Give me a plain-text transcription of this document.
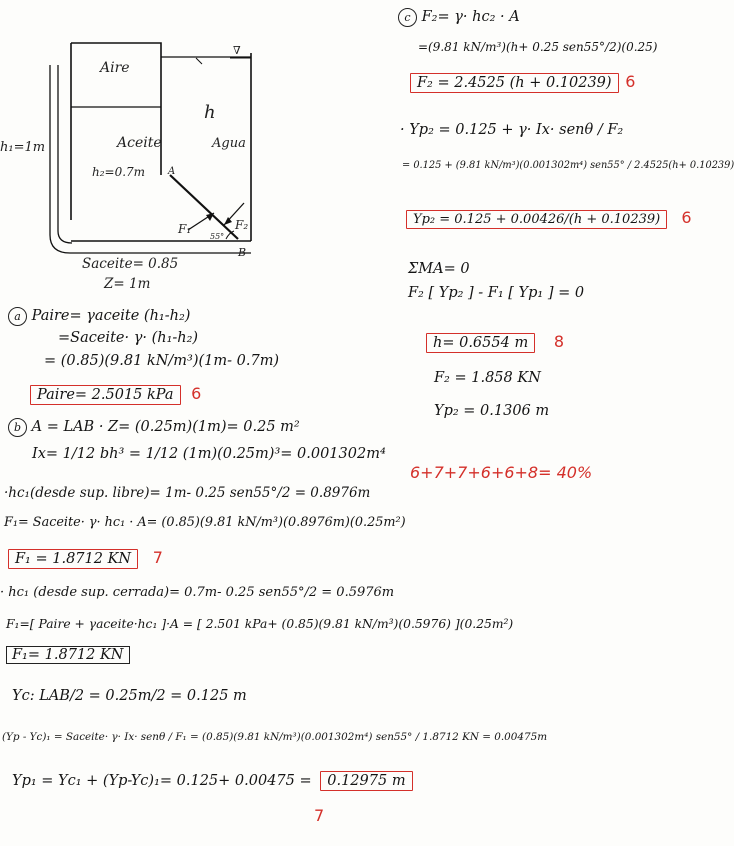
Aire
Aceite	Agua
h
h₁=1m
h₂=0.7m A
B
F₁	F₂
55°
∇
Saceite= 0.85
Z= 1m
a Paire= γaceite (h₁-h₂)
=Saceite· γ· (h₁-h₂)
= (0.85)(9.81 kN/m³)(1m- 0.7m)
Paire= 2.5015 kPa 6
b A = LAB · Z= (0.25m)(1m)= 0.25 m²
Ix= 1/12 bh³ = 1/12 (1m)(0.25m)³= 0.001302m⁴
·hc₁(desde sup. libre)= 1m- 0.25 sen55°/2 = 0.8976m
F₁= Saceite· γ· hc₁ · A= (0.85)(9.81 kN/m³)(0.8976m)(0.25m²)
F₁ = 1.8712 KN 7
· hc₁ (desde sup. cerrada)= 0.7m- 0.25 sen55°/2 = 0.5976m
F₁=[ Paire + γaceite·hc₁ ]·A = [ 2.501 kPa+ (0.85)(9.81 kN/m³)(0.5976) ](0.25m²)
F₁= 1.8712 KN
Yc: LAB/2 = 0.25m/2 = 0.125 m
(Yp - Yc)₁ = Saceite· γ· Ix· senθ / F₁ = (0.85)(9.81 kN/m³)(0.001302m⁴) sen55° / 1.8712 KN = 0.00475m
Yp₁ = Yc₁ + (Yp-Yc)₁= 0.125+ 0.00475 = 0.12975 m
7
c F₂= γ· hc₂ · A
=(9.81 kN/m³)(h+ 0.25 sen55°/2)(0.25)
F₂ = 2.4525 (h + 0.10239) 6
· Yp₂ = 0.125 + γ· Ix· senθ / F₂
= 0.125 + (9.81 kN/m³)(0.001302m⁴) sen55° / 2.4525(h+ 0.10239)
Yp₂ = 0.125 + 0.00426/(h + 0.10239) 6
ΣMA= 0
F₂ [ Yp₂ ] - F₁ [ Yp₁ ] = 0
h= 0.6554 m 8
F₂ = 1.858 KN
Yp₂ = 0.1306 m
6+7+7+6+6+8= 40%
